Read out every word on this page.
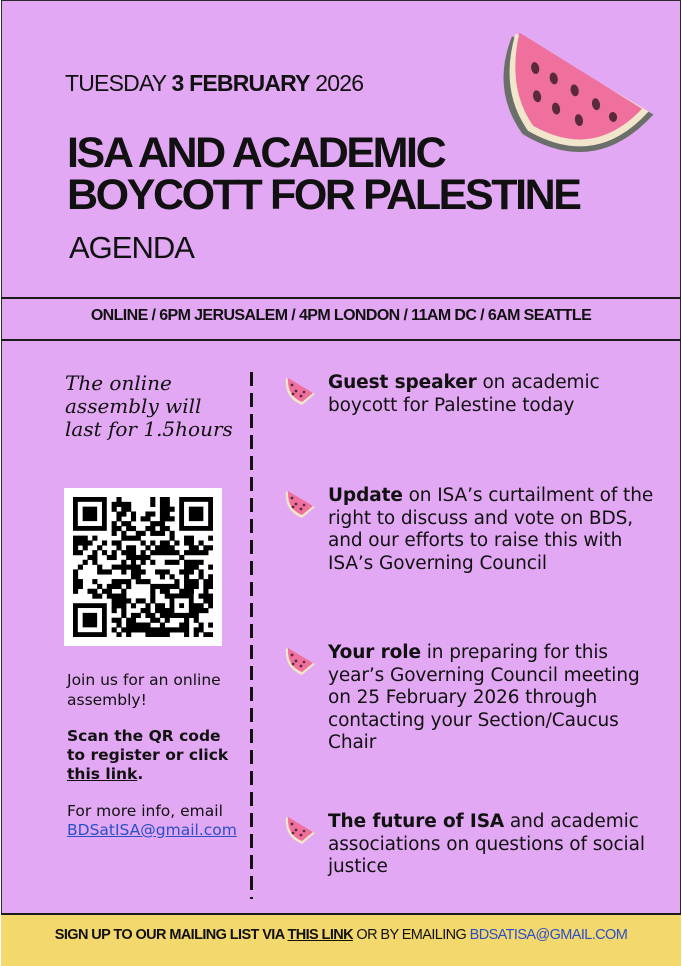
TUESDAY 3 FEBRUARY 2026
ISA AND ACADEMIC
BOYCOTT FOR PALESTINE
AGENDA
ONLINE / 6PM JERUSALEM / 4PM LONDON / 11AM DC / 6AM SEATTLE
The online assembly will last for 1.5hours
Join us for an online assembly!
Scan the QR code to register or click this link.
For more info, email
BDSatISA@gmail.com

Guest speaker on academic boycott for Palestine today

Update on ISA’s curtailment of the right to discuss and vote on BDS, and our efforts to raise this with ISA’s Governing Council

Your role in preparing for this year’s Governing Council meeting on 25 February 2026 through contacting your Section/Caucus Chair

The future of ISA and academic associations on questions of social justice

SIGN UP TO OUR MAILING LIST VIA THIS LINK OR BY EMAILING BDSATISA@GMAIL.COM
